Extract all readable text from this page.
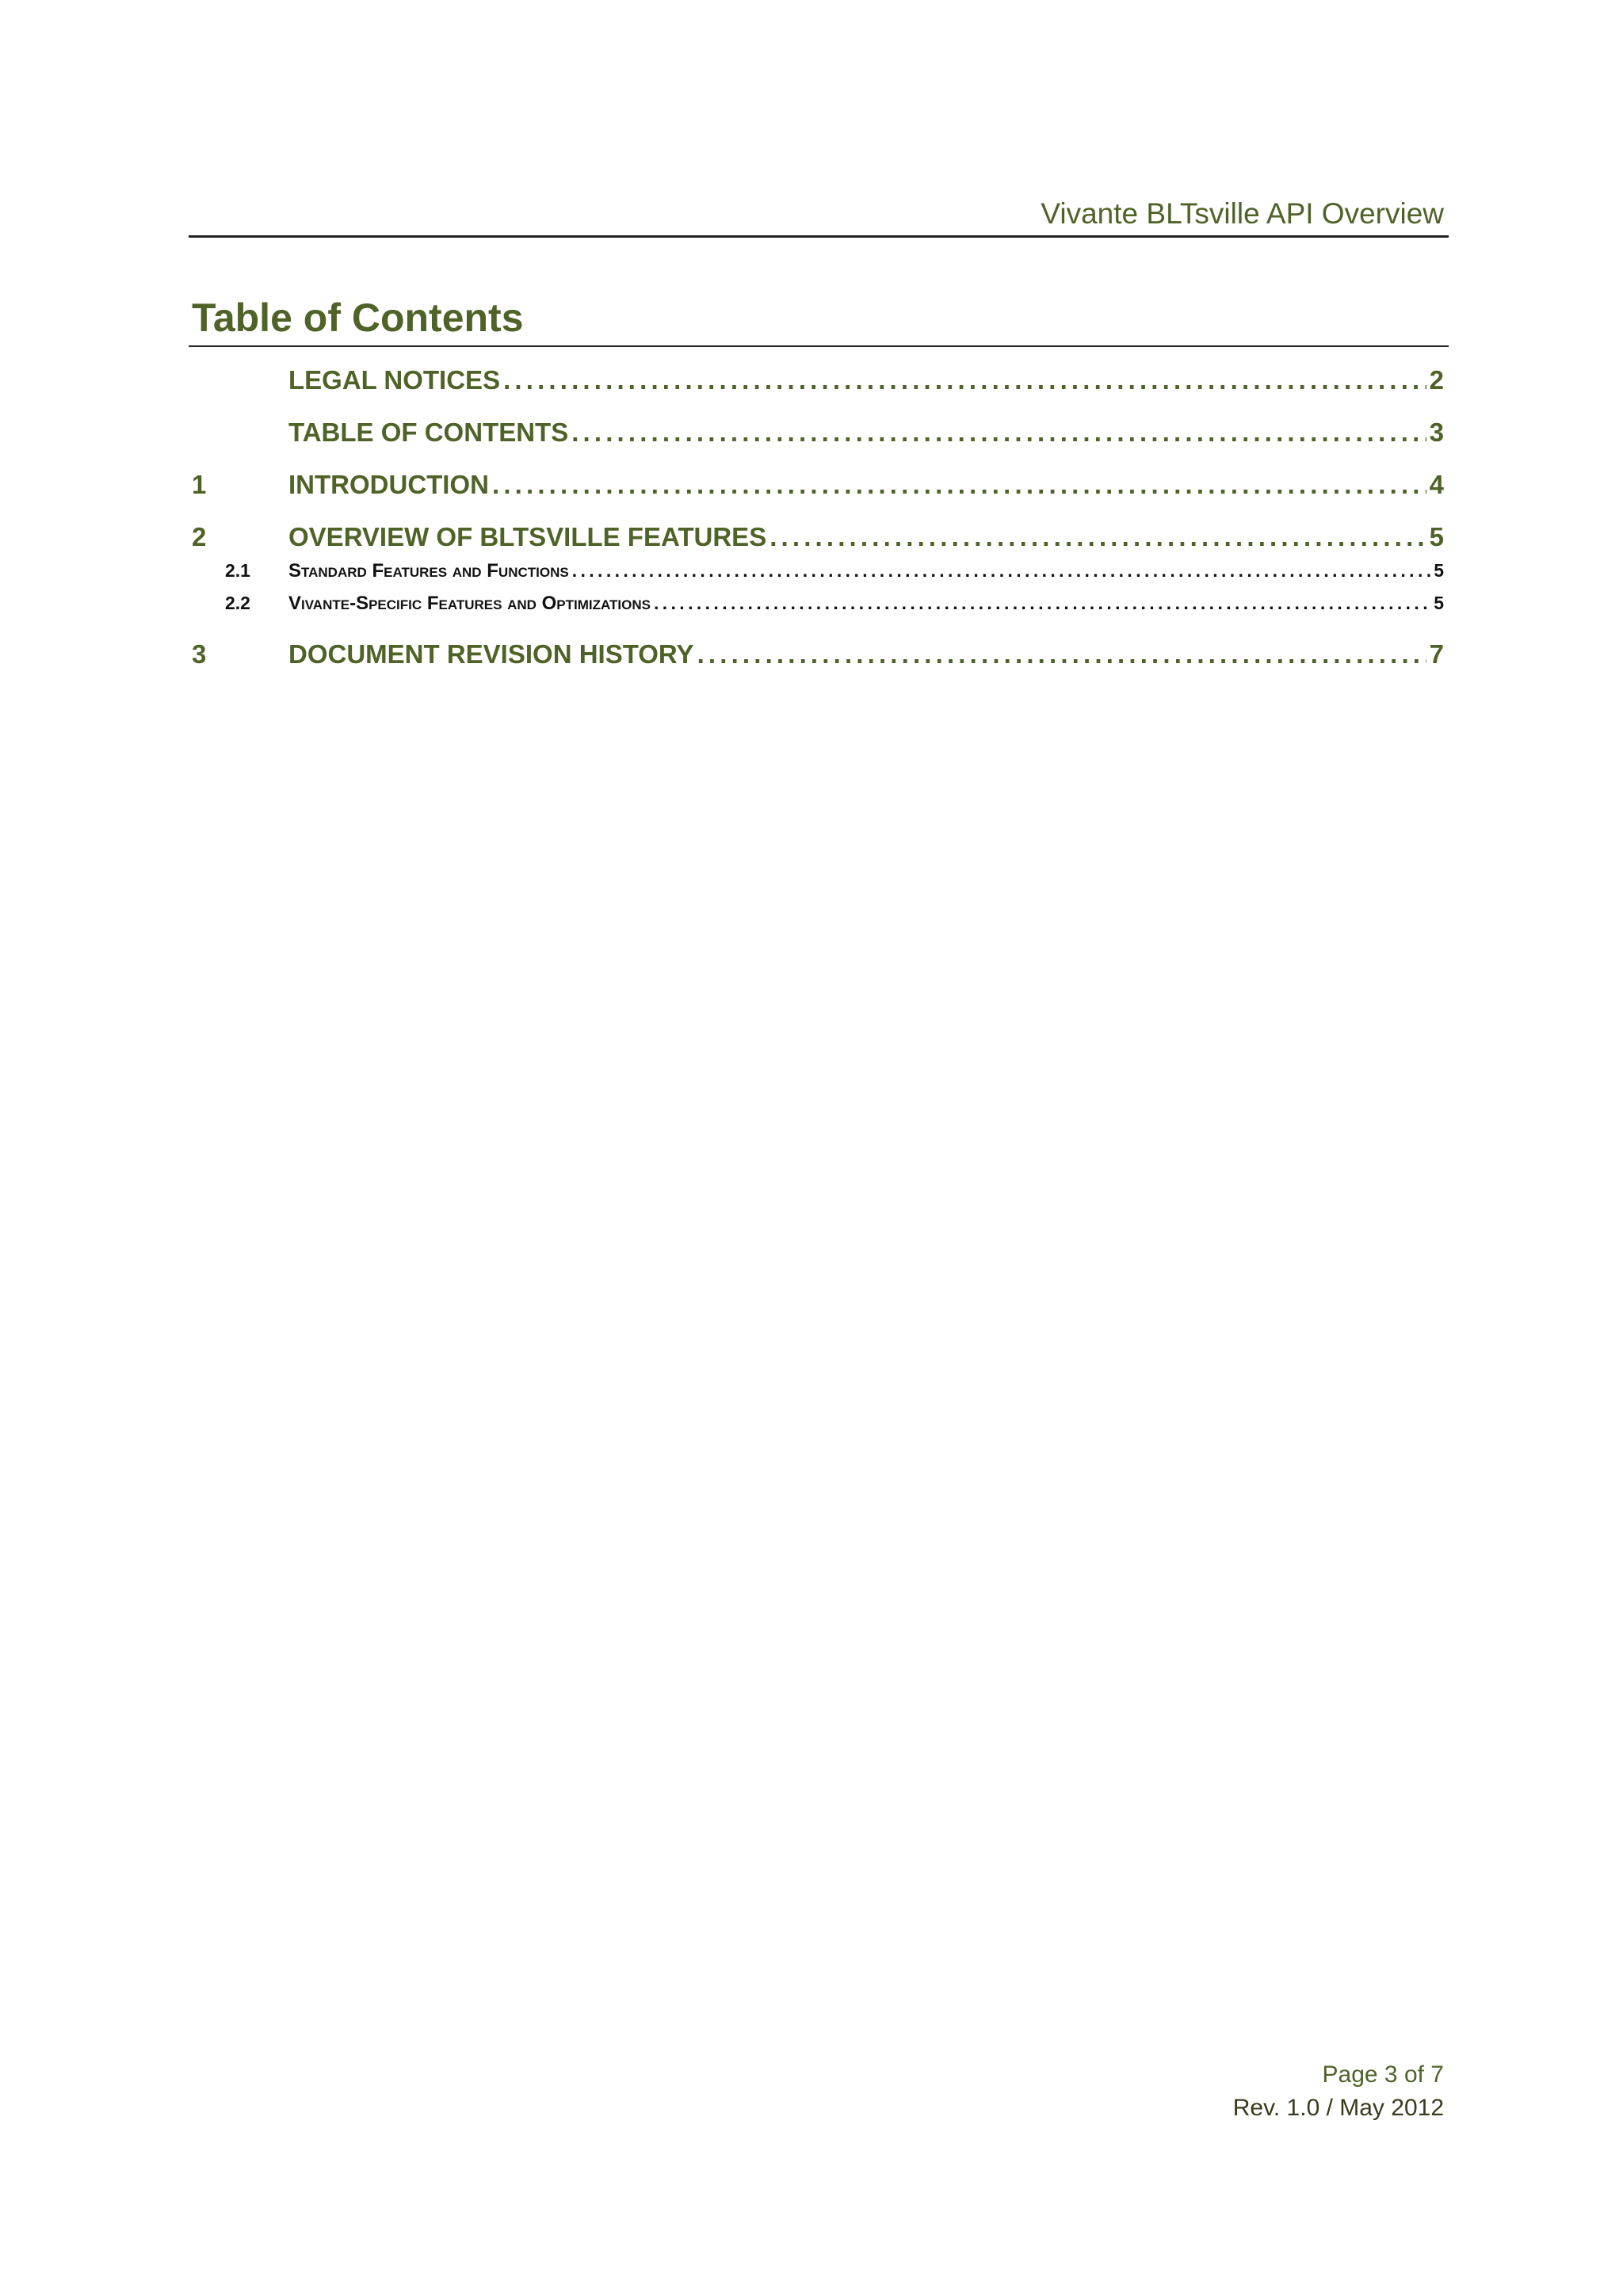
Vivante BLTsville API Overview
Table of Contents
LEGAL NOTICES . . .	2
TABLE OF CONTENTS . . .	3
1	INTRODUCTION . . .	4
2	OVERVIEW OF BLTSVILLE FEATURES . . .	5
2.1	Standard Features and Functions . . .	5
2.2	Vivante-Specific Features and Optimizations . . .	5
3	DOCUMENT REVISION HISTORY . . .	7
Page 3 of 7
Rev. 1.0 / May 2012
